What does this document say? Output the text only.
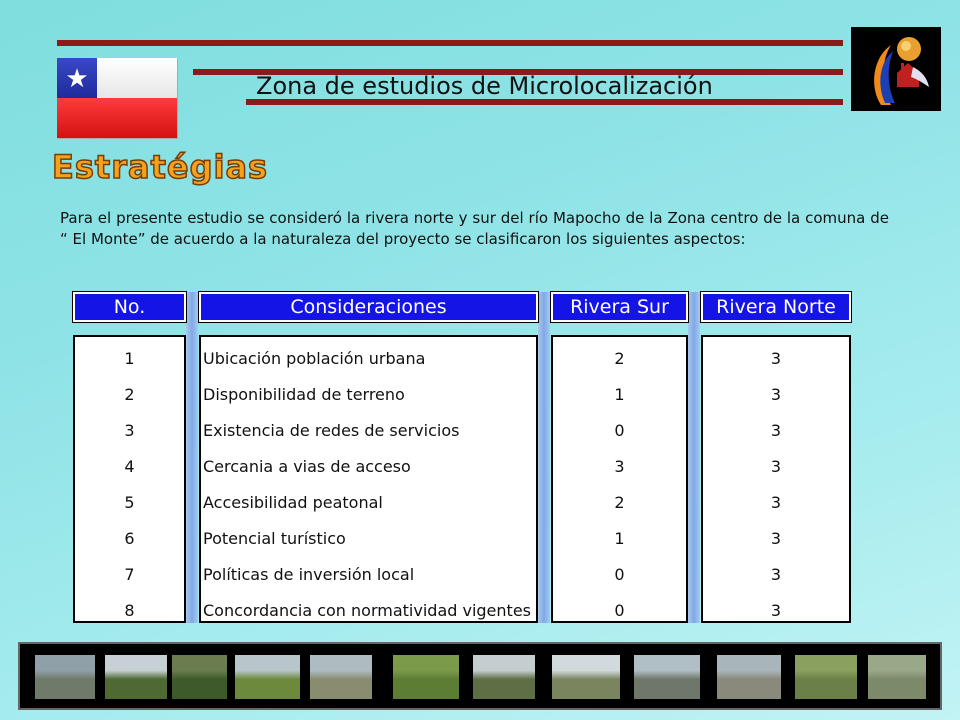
★	Zona de estudios de Microlocalización
Estratégias
Para el presente estudio se consideró la rivera norte y sur del río Mapocho de la Zona centro de la comuna de “ El Monte” de acuerdo a la naturaleza del proyecto se clasificaron los siguientes aspectos:
No.	Consideraciones	Rivera Sur	Rivera Norte
1	Ubicación población urbana	2	3
2	Disponibilidad de terreno	1	3
3	Existencia de redes de servicios	0	3
4	Cercania a vias de acceso	3	3
5	Accesibilidad peatonal	2	3
6	Potencial turístico	1	3
7	Políticas de inversión local	0	3
8	Concordancia con normatividad vigentes	0	3
